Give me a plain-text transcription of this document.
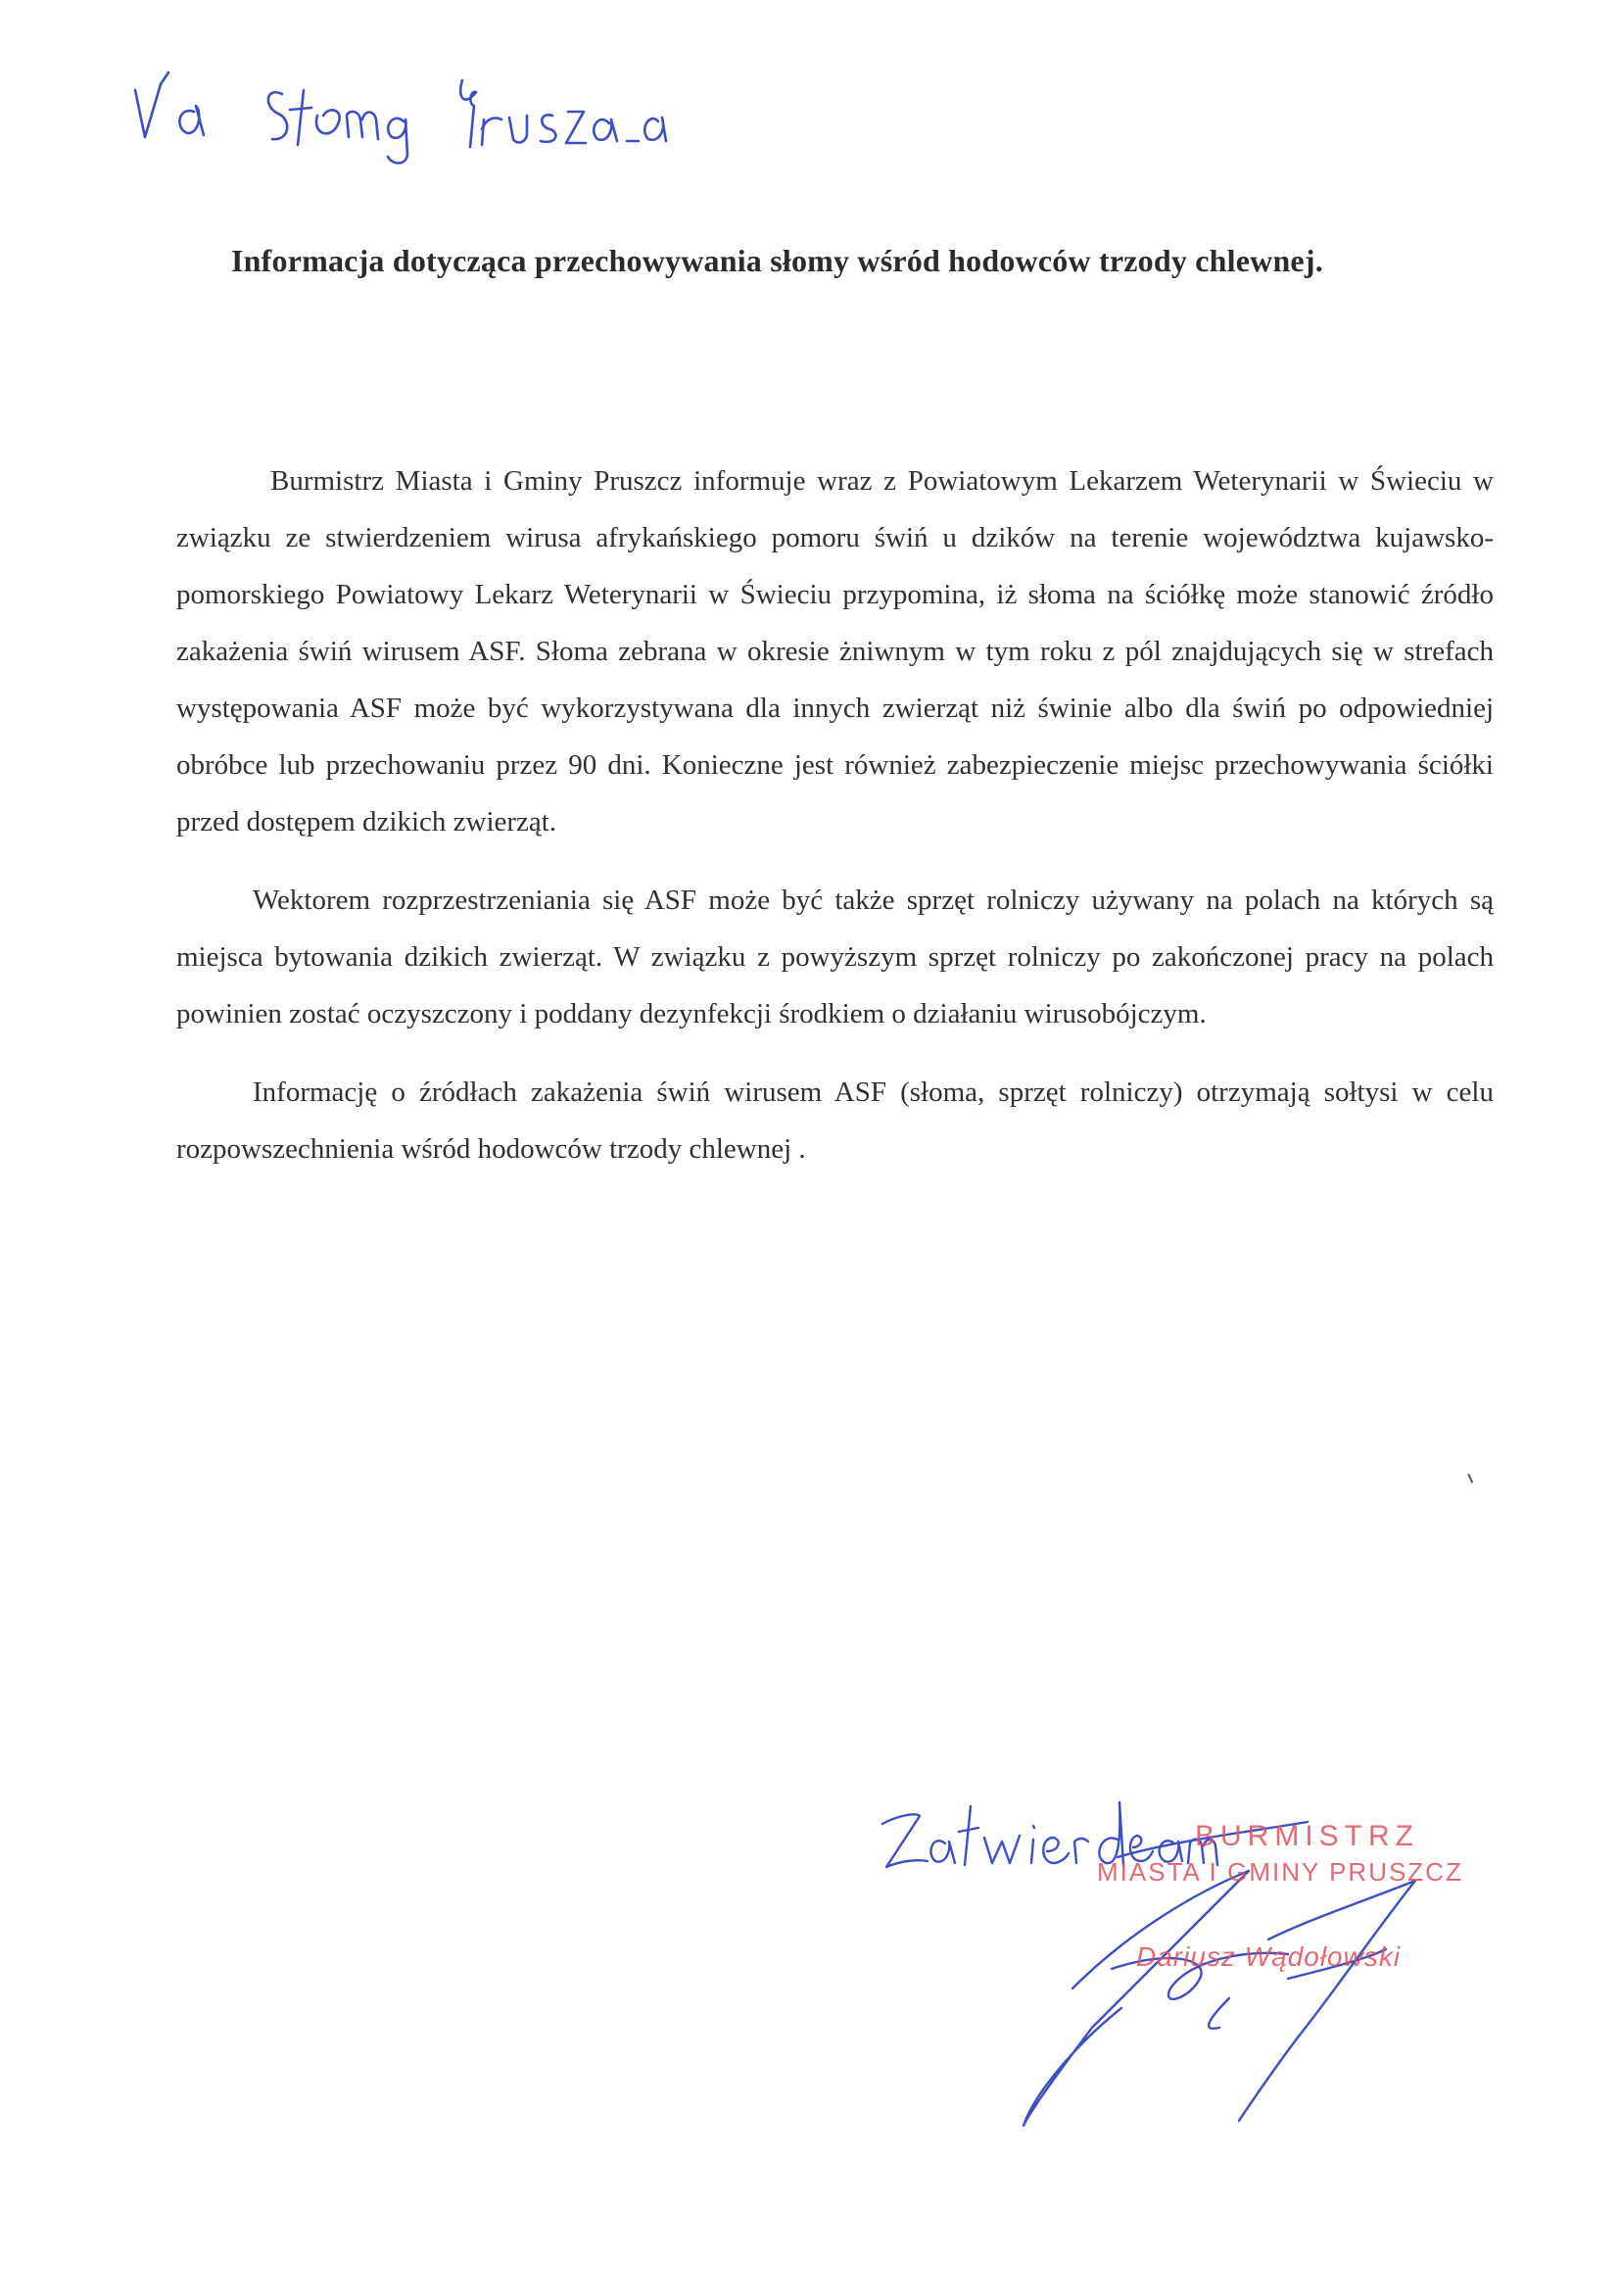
Informacja dotycząca przechowywania słomy wśród hodowców trzody chlewnej.

Burmistrz Miasta i Gminy Pruszcz informuje wraz z Powiatowym Lekarzem Weterynarii w Świeciu w związku ze stwierdzeniem wirusa afrykańskiego pomoru świń u dzików na terenie województwa kujawsko-pomorskiego Powiatowy Lekarz Weterynarii w Świeciu przypomina, iż słoma na ściółkę może stanowić źródło zakażenia świń wirusem ASF. Słoma zebrana w okresie żniwnym w tym roku z pól znajdujących się w strefach występowania ASF może być wykorzystywana dla innych zwierząt niż świnie albo dla świń po odpowiedniej obróbce lub przechowaniu przez 90 dni. Konieczne jest również zabezpieczenie miejsc przechowywania ściółki przed dostępem dzikich zwierząt.

Wektorem rozprzestrzeniania się ASF może być także sprzęt rolniczy używany na polach na których są miejsca bytowania dzikich zwierząt. W związku z powyższym sprzęt rolniczy po zakończonej pracy na polach powinien zostać oczyszczony i poddany dezynfekcji środkiem o działaniu wirusobójczym.

Informację o źródłach zakażenia świń wirusem ASF (słoma, sprzęt rolniczy) otrzymają sołtysi w celu rozpowszechnienia wśród hodowców trzody chlewnej .

BURMISTRZ

MIASTA I GMINY PRUSZCZ

Dariusz Wądołowski
